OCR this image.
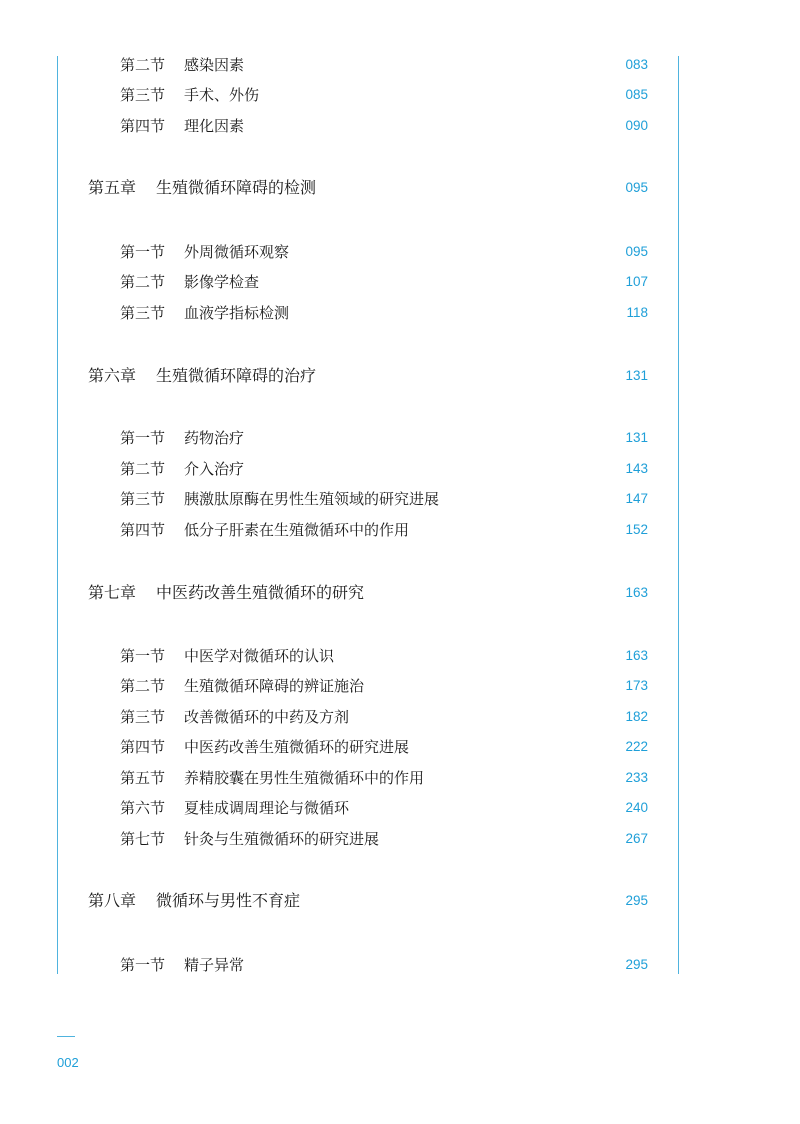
第二节 感染因素	083
第三节 手术、外伤	085
第四节 理化因素	090
第五章 生殖微循环障碍的检测	095
第一节 外周微循环观察	095
第二节 影像学检查	107
第三节 血液学指标检测	118
第六章 生殖微循环障碍的治疗	131
第一节 药物治疗	131
第二节 介入治疗	143
第三节 胰激肽原酶在男性生殖领域的研究进展	147
第四节 低分子肝素在生殖微循环中的作用	152
第七章 中医药改善生殖微循环的研究	163
第一节 中医学对微循环的认识	163
第二节 生殖微循环障碍的辨证施治	173
第三节 改善微循环的中药及方剂	182
第四节 中医药改善生殖微循环的研究进展	222
第五节 养精胶囊在男性生殖微循环中的作用	233
第六节 夏桂成调周理论与微循环	240
第七节 针灸与生殖微循环的研究进展	267
第八章 微循环与男性不育症	295
第一节 精子异常	295
002
